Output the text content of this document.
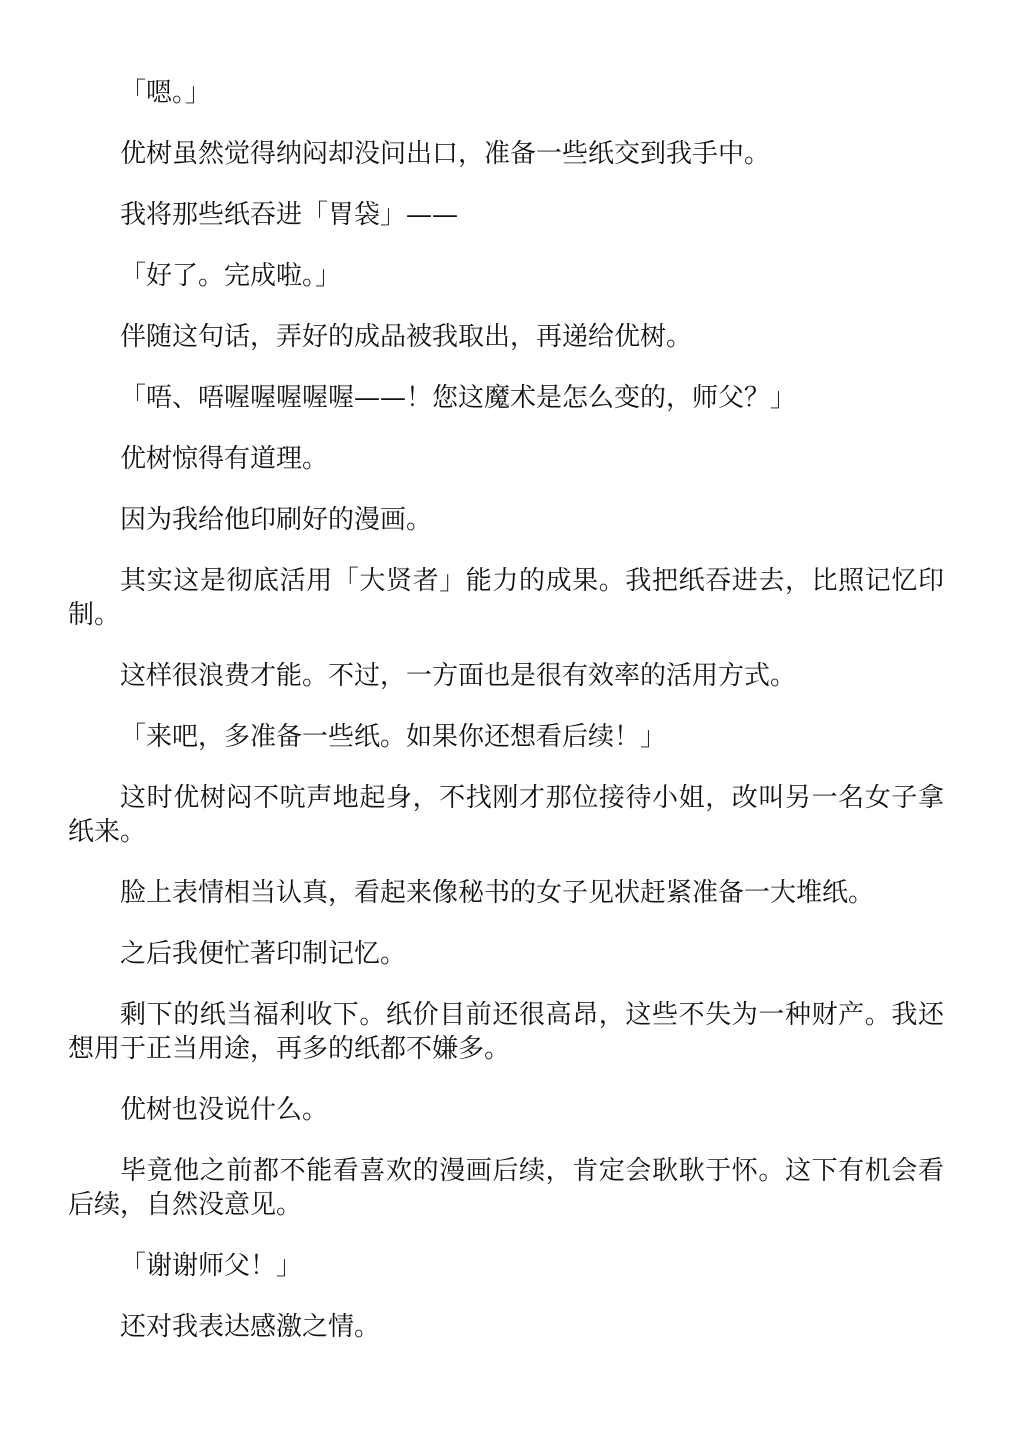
「嗯。」

优树虽然觉得纳闷却没问出口，准备一些纸交到我手中。

我将那些纸吞进「胃袋」——

「好了。完成啦。」

伴随这句话，弄好的成品被我取出，再递给优树。

「唔、唔喔喔喔喔喔——！您这魔术是怎么变的，师父？」

优树惊得有道理。

因为我给他印刷好的漫画。

其实这是彻底活用「大贤者」能力的成果。我把纸吞进去，比照记忆印制。

这样很浪费才能。不过，一方面也是很有效率的活用方式。

「来吧，多准备一些纸。如果你还想看后续！」

这时优树闷不吭声地起身，不找刚才那位接待小姐，改叫另一名女子拿纸来。

脸上表情相当认真，看起来像秘书的女子见状赶紧准备一大堆纸。

之后我便忙著印制记忆。

剩下的纸当福利收下。纸价目前还很高昂，这些不失为一种财产。我还想用于正当用途，再多的纸都不嫌多。

优树也没说什么。

毕竟他之前都不能看喜欢的漫画后续，肯定会耿耿于怀。这下有机会看后续，自然没意见。

「谢谢师父！」

还对我表达感激之情。
